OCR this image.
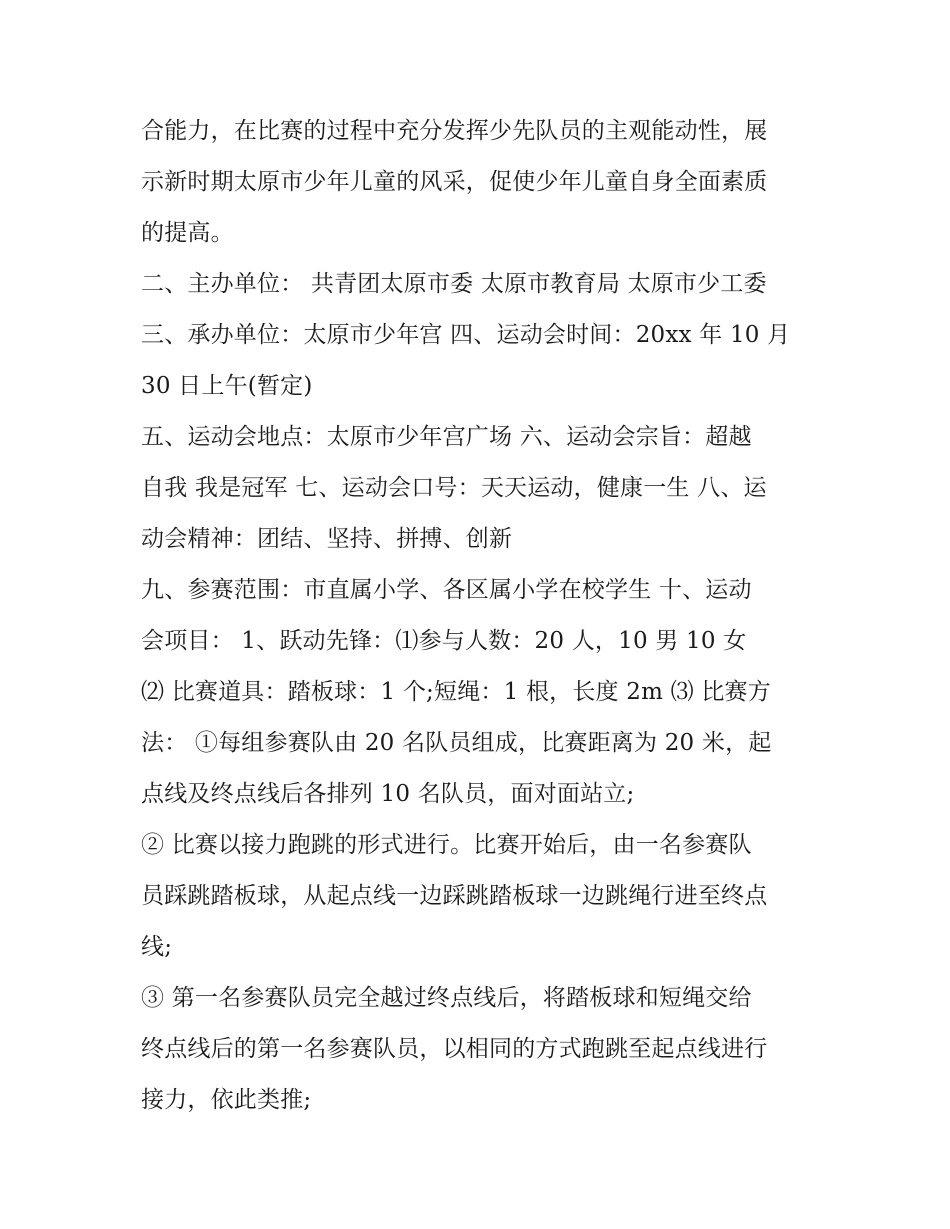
合能力，在比赛的过程中充分发挥少先队员的主观能动性，展
示新时期太原市少年儿童的风采，促使少年儿童自身全面素质
的提高。
二、主办单位： 共青团太原市委 太原市教育局 太原市少工委
三、承办单位：太原市少年宫 四、运动会时间：20xx 年 10 月
30 日上午(暂定)
五、运动会地点：太原市少年宫广场 六、运动会宗旨：超越
自我 我是冠军 七、运动会口号：天天运动，健康一生 八、运
动会精神：团结、坚持、拼搏、创新
九、参赛范围：市直属小学、各区属小学在校学生 十、运动
会项目： 1、跃动先锋：⑴参与人数：20 人，10 男 10 女
⑵ 比赛道具：踏板球：1 个;短绳：1 根，长度 2m ⑶ 比赛方
法： ①每组参赛队由 20 名队员组成，比赛距离为 20 米，起
点线及终点线后各排列 10 名队员，面对面站立;
② 比赛以接力跑跳的形式进行。比赛开始后，由一名参赛队
员踩跳踏板球，从起点线一边踩跳踏板球一边跳绳行进至终点
线;
③ 第一名参赛队员完全越过终点线后，将踏板球和短绳交给
终点线后的第一名参赛队员，以相同的方式跑跳至起点线进行
接力，依此类推;
